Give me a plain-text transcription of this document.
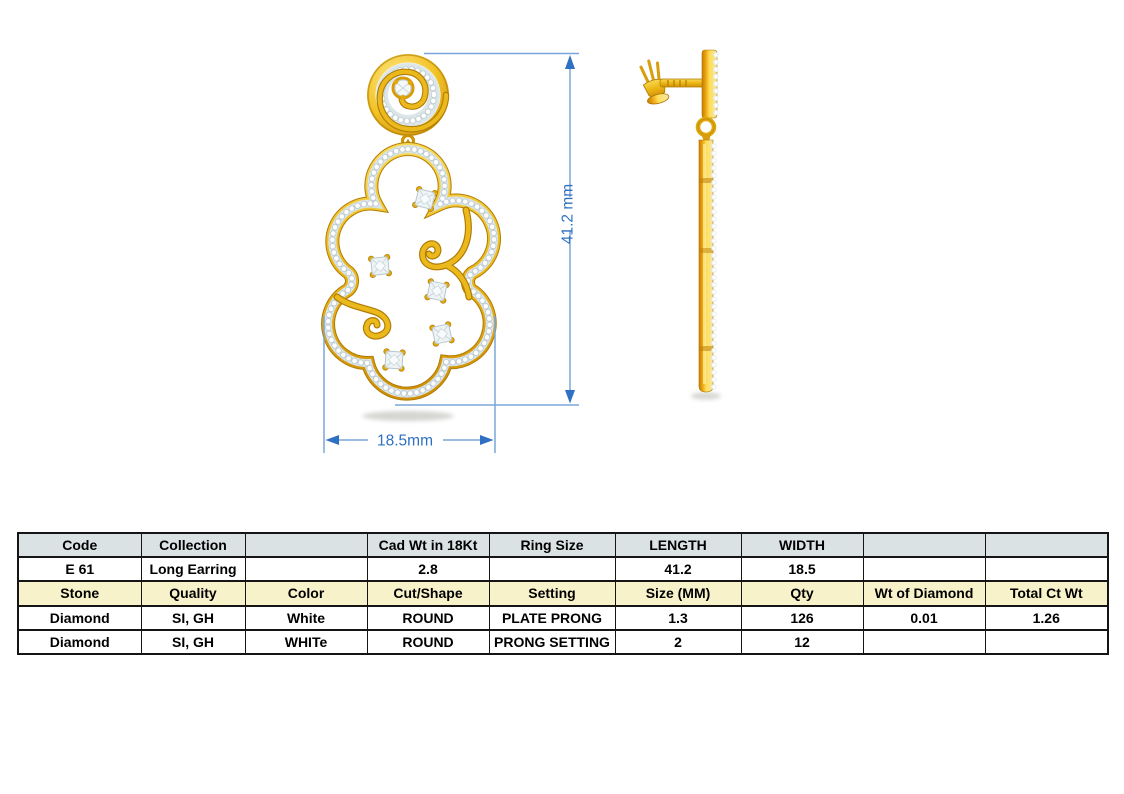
41.2 mm
18.5mm
Code	Collection		Cad Wt in 18Kt	Ring Size	LENGTH	WIDTH		
E 61	Long Earring		2.8		41.2	18.5		
Stone	Quality	Color	Cut/Shape	Setting	Size (MM)	Qty	Wt of Diamond	Total Ct Wt
Diamond	SI, GH	White	ROUND	PLATE PRONG	1.3	126	0.01	1.26
Diamond	SI, GH	WHITe	ROUND	PRONG SETTING	2	12		
